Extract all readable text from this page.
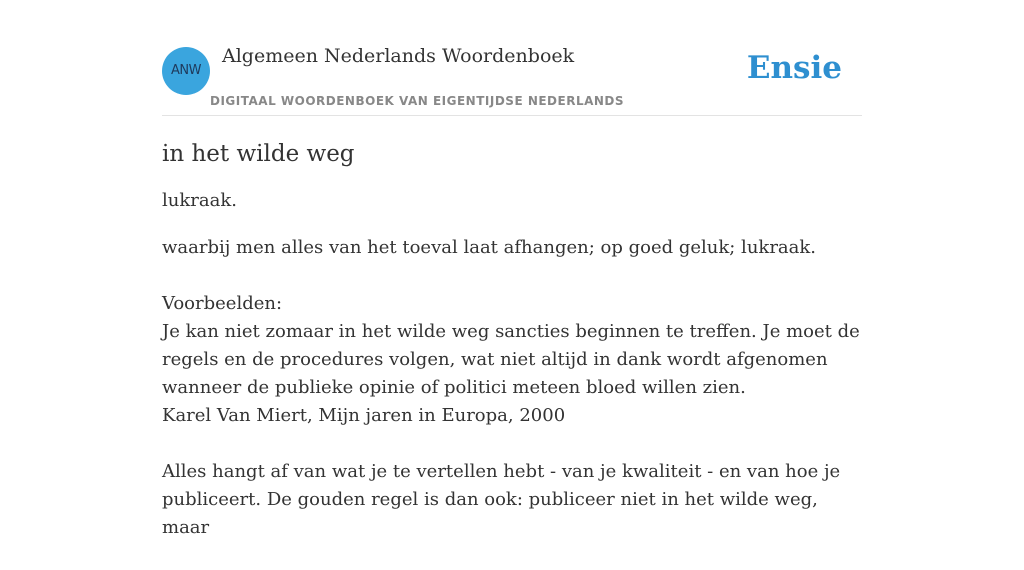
ANW
Algemeen Nederlands Woordenboek
DIGITAAL WOORDENBOEK VAN EIGENTIJDSE NEDERLANDS
Ensie
in het wilde weg
lukraak.
waarbij men alles van het toeval laat afhangen; op goed geluk; lukraak.
Voorbeelden:
Je kan niet zomaar in het wilde weg sancties beginnen te treffen. Je moet de regels en de procedures volgen, wat niet altijd in dank wordt afgenomen wanneer de publieke opinie of politici meteen bloed willen zien.
Karel Van Miert, Mijn jaren in Europa, 2000
Alles hangt af van wat je te vertellen hebt - van je kwaliteit - en van hoe je publiceert. De gouden regel is dan ook: publiceer niet in het wilde weg, maar
